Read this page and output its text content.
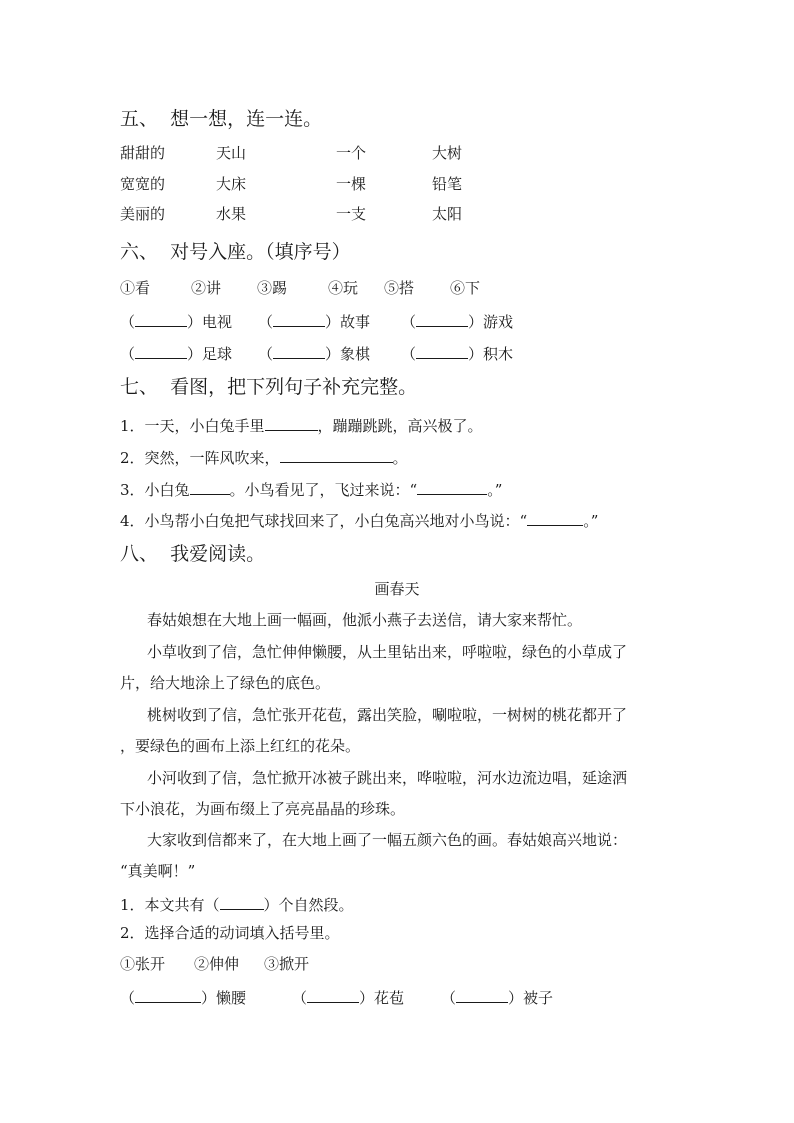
五、  想一想，连一连。
甜甜的	天山	一个	大树
宽宽的	大床	一棵	铅笔
美丽的	水果	一支	太阳
六、  对号入座。（填序号）
①看	②讲 ③踢	④玩 ⑤搭 ⑥下
（	）电视 （	）故事 （	）游戏
（	）足球 （	）象棋 （	）积木
七、  看图，把下列句子补充完整。
1．一天，小白兔手里	，蹦蹦跳跳，高兴极了。
2．突然，一阵风吹来，	。
3．小白兔	。小鸟看见了，飞过来说：“	。”
4．小鸟帮小白兔把气球找回来了，小白兔高兴地对小鸟说：“	。”
八、  我爱阅读。
画春天
春姑娘想在大地上画一幅画，他派小燕子去送信，请大家来帮忙。
小草收到了信，急忙伸伸懒腰，从土里钻出来，呼啦啦，绿色的小草成了
片，给大地涂上了绿色的底色。
桃树收到了信，急忙张开花苞，露出笑脸，唰啦啦，一树树的桃花都开了
，要绿色的画布上添上红红的花朵。
小河收到了信，急忙掀开冰被子跳出来，哗啦啦，河水边流边唱，延途洒
下小浪花，为画布缀上了亮亮晶晶的珍珠。
大家收到信都来了，在大地上画了一幅五颜六色的画。春姑娘高兴地说：
“真美啊！”
1．本文共有（	）个自然段。
2．选择合适的动词填入括号里。
①张开 ②伸伸 ③掀开
（	）懒腰	（	）花苞 （	）被子
